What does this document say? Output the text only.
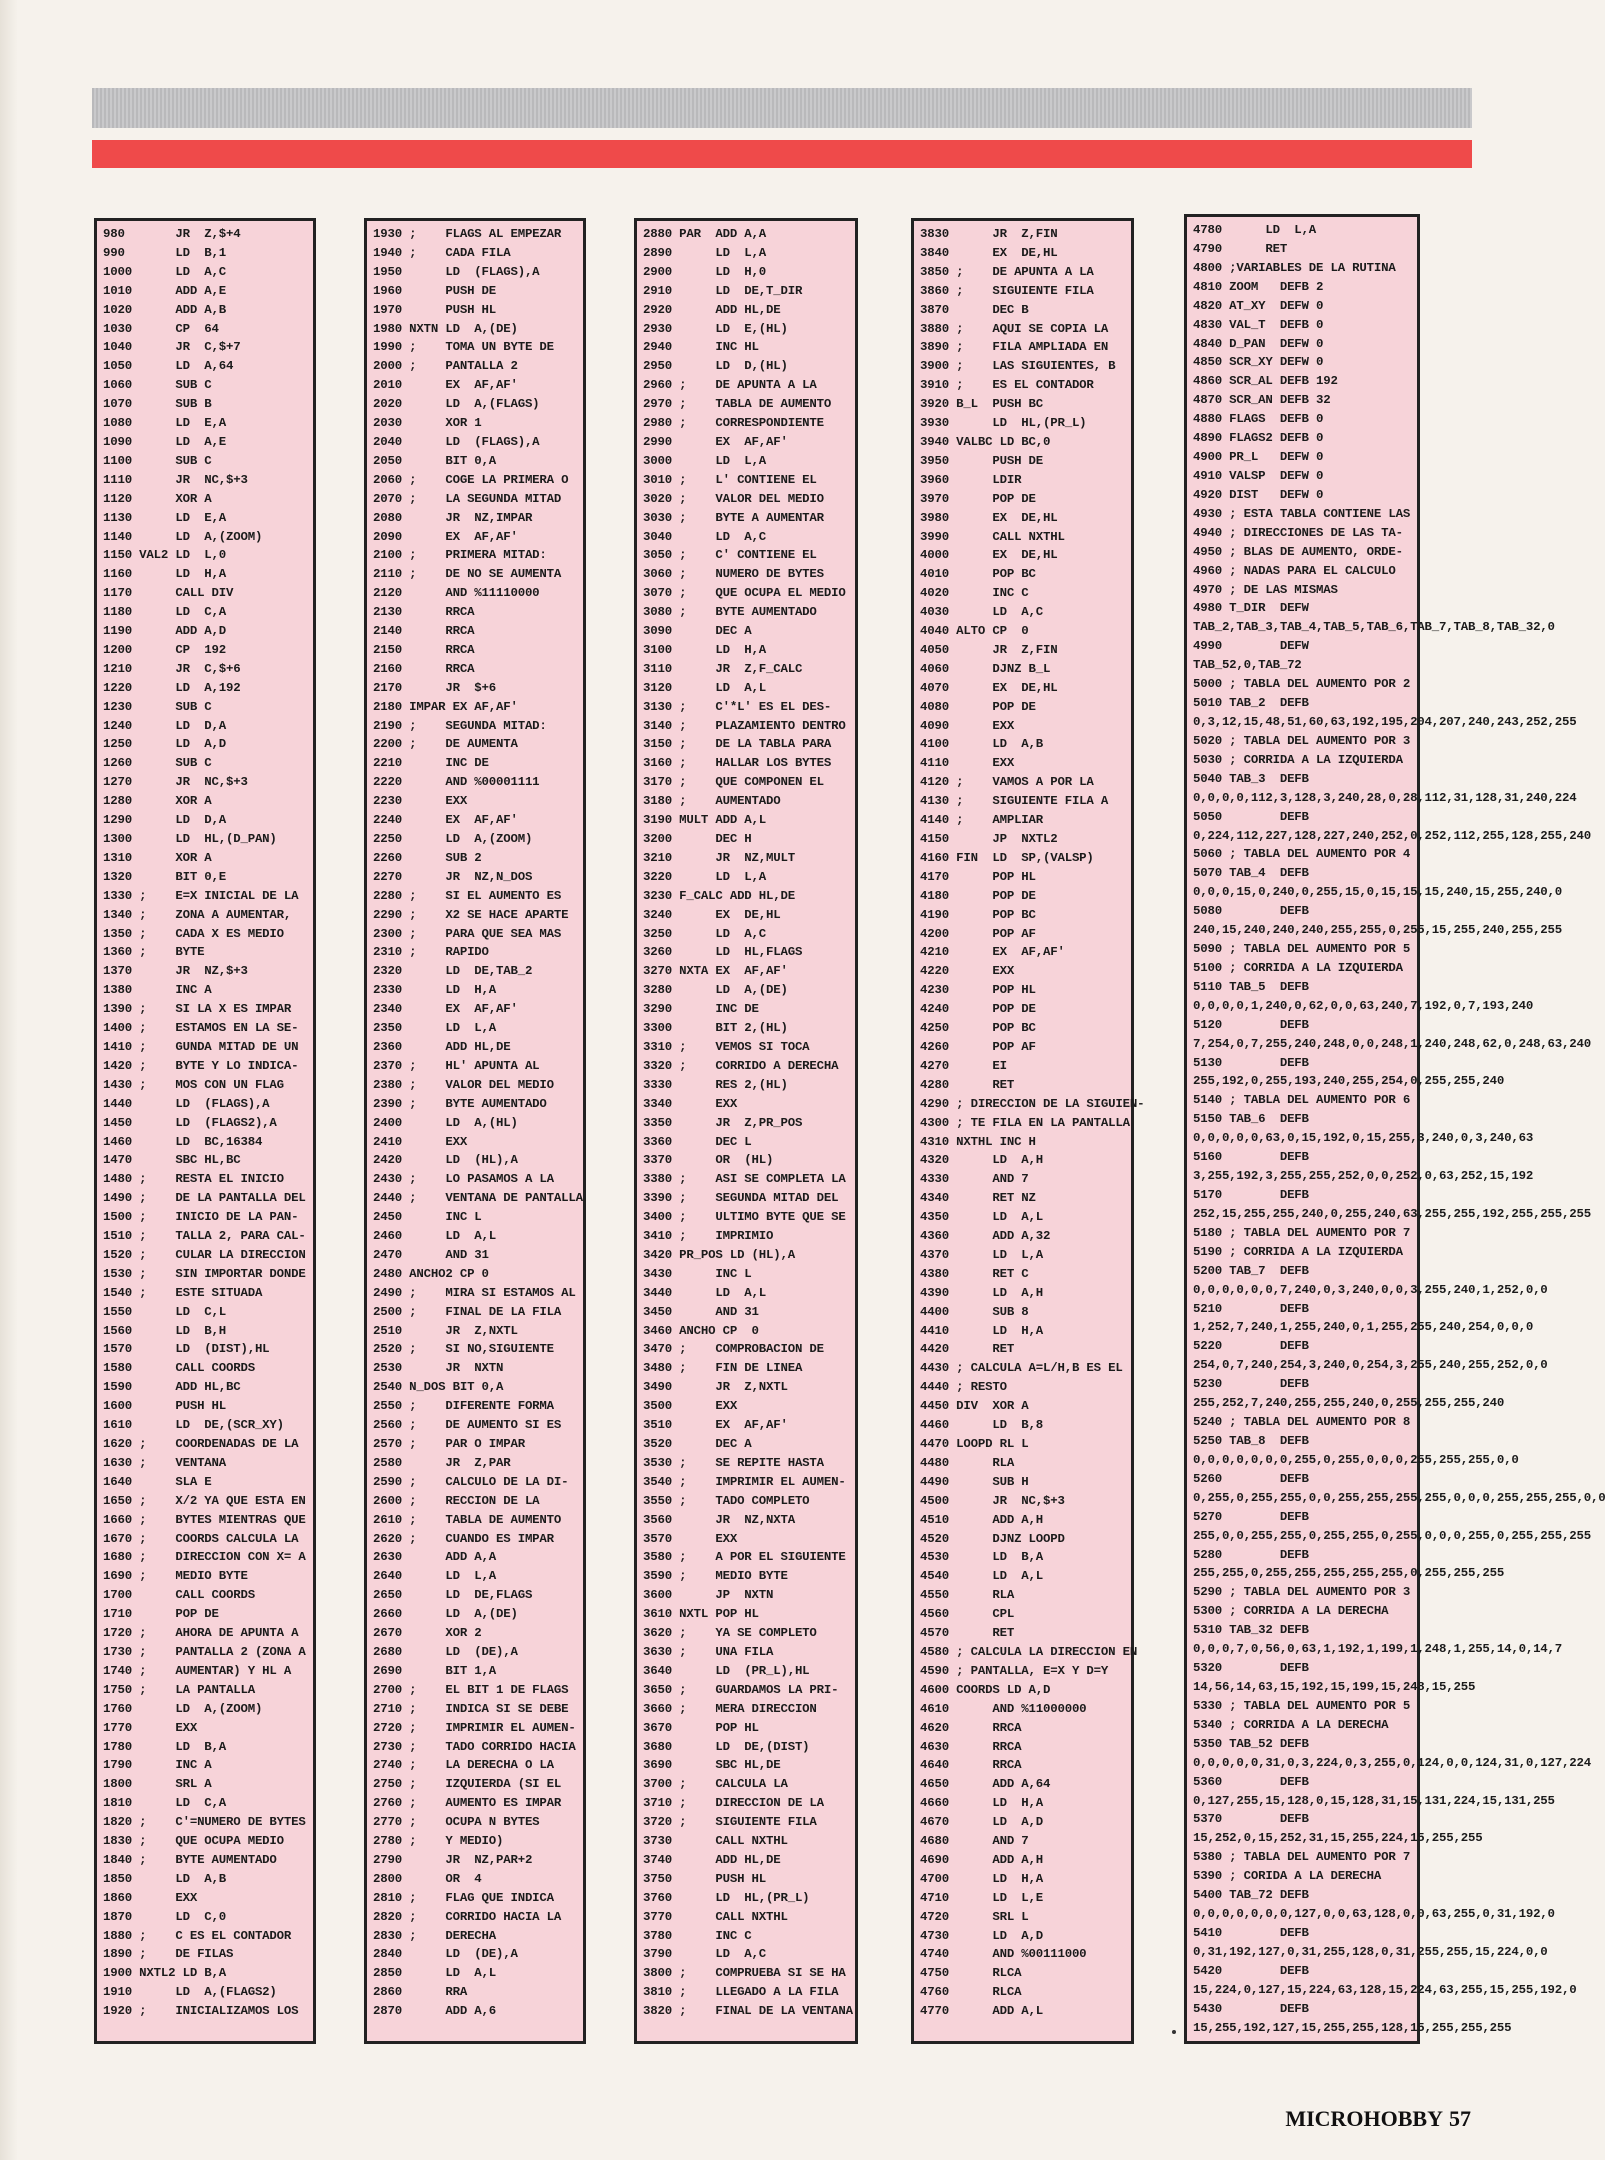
980       JR  Z,$+4
990       LD  B,1
1000      LD  A,C
1010      ADD A,E
1020      ADD A,B
1030      CP  64
1040      JR  C,$+7
1050      LD  A,64
1060      SUB C
1070      SUB B
1080      LD  E,A
1090      LD  A,E
1100      SUB C
1110      JR  NC,$+3
1120      XOR A
1130      LD  E,A
1140      LD  A,(ZOOM)
1150 VAL2 LD  L,0
1160      LD  H,A
1170      CALL DIV
1180      LD  C,A
1190      ADD A,D
1200      CP  192
1210      JR  C,$+6
1220      LD  A,192
1230      SUB C
1240      LD  D,A
1250      LD  A,D
1260      SUB C
1270      JR  NC,$+3
1280      XOR A
1290      LD  D,A
1300      LD  HL,(D_PAN)
1310      XOR A
1320      BIT 0,E
1330 ;    E=X INICIAL DE LA
1340 ;    ZONA A AUMENTAR,
1350 ;    CADA X ES MEDIO
1360 ;    BYTE
1370      JR  NZ,$+3
1380      INC A
1390 ;    SI LA X ES IMPAR
1400 ;    ESTAMOS EN LA SE-
1410 ;    GUNDA MITAD DE UN
1420 ;    BYTE Y LO INDICA-
1430 ;    MOS CON UN FLAG
1440      LD  (FLAGS),A
1450      LD  (FLAGS2),A
1460      LD  BC,16384
1470      SBC HL,BC
1480 ;    RESTA EL INICIO
1490 ;    DE LA PANTALLA DEL
1500 ;    INICIO DE LA PAN-
1510 ;    TALLA 2, PARA CAL-
1520 ;    CULAR LA DIRECCION
1530 ;    SIN IMPORTAR DONDE
1540 ;    ESTE SITUADA
1550      LD  C,L
1560      LD  B,H
1570      LD  (DIST),HL
1580      CALL COORDS
1590      ADD HL,BC
1600      PUSH HL
1610      LD  DE,(SCR_XY)
1620 ;    COORDENADAS DE LA
1630 ;    VENTANA
1640      SLA E
1650 ;    X/2 YA QUE ESTA EN
1660 ;    BYTES MIENTRAS QUE
1670 ;    COORDS CALCULA LA
1680 ;    DIRECCION CON X= A
1690 ;    MEDIO BYTE
1700      CALL COORDS
1710      POP DE
1720 ;    AHORA DE APUNTA A
1730 ;    PANTALLA 2 (ZONA A
1740 ;    AUMENTAR) Y HL A
1750 ;    LA PANTALLA
1760      LD  A,(ZOOM)
1770      EXX
1780      LD  B,A
1790      INC A
1800      SRL A
1810      LD  C,A
1820 ;    C'=NUMERO DE BYTES
1830 ;    QUE OCUPA MEDIO
1840 ;    BYTE AUMENTADO
1850      LD  A,B
1860      EXX
1870      LD  C,0
1880 ;    C ES EL CONTADOR
1890 ;    DE FILAS
1900 NXTL2 LD B,A
1910      LD  A,(FLAGS2)
1920 ;    INICIALIZAMOS LOS
1930 ;    FLAGS AL EMPEZAR
1940 ;    CADA FILA
1950      LD  (FLAGS),A
1960      PUSH DE
1970      PUSH HL
1980 NXTN LD  A,(DE)
1990 ;    TOMA UN BYTE DE
2000 ;    PANTALLA 2
2010      EX  AF,AF'
2020      LD  A,(FLAGS)
2030      XOR 1
2040      LD  (FLAGS),A
2050      BIT 0,A
2060 ;    COGE LA PRIMERA O
2070 ;    LA SEGUNDA MITAD
2080      JR  NZ,IMPAR
2090      EX  AF,AF'
2100 ;    PRIMERA MITAD:
2110 ;    DE NO SE AUMENTA
2120      AND %11110000
2130      RRCA
2140      RRCA
2150      RRCA
2160      RRCA
2170      JR  $+6
2180 IMPAR EX AF,AF'
2190 ;    SEGUNDA MITAD:
2200 ;    DE AUMENTA
2210      INC DE
2220      AND %00001111
2230      EXX
2240      EX  AF,AF'
2250      LD  A,(ZOOM)
2260      SUB 2
2270      JR  NZ,N_DOS
2280 ;    SI EL AUMENTO ES
2290 ;    X2 SE HACE APARTE
2300 ;    PARA QUE SEA MAS
2310 ;    RAPIDO
2320      LD  DE,TAB_2
2330      LD  H,A
2340      EX  AF,AF'
2350      LD  L,A
2360      ADD HL,DE
2370 ;    HL' APUNTA AL
2380 ;    VALOR DEL MEDIO
2390 ;    BYTE AUMENTADO
2400      LD  A,(HL)
2410      EXX
2420      LD  (HL),A
2430 ;    LO PASAMOS A LA
2440 ;    VENTANA DE PANTALLA
2450      INC L
2460      LD  A,L
2470      AND 31
2480 ANCHO2 CP 0
2490 ;    MIRA SI ESTAMOS AL
2500 ;    FINAL DE LA FILA
2510      JR  Z,NXTL
2520 ;    SI NO,SIGUIENTE
2530      JR  NXTN
2540 N_DOS BIT 0,A
2550 ;    DIFERENTE FORMA
2560 ;    DE AUMENTO SI ES
2570 ;    PAR O IMPAR
2580      JR  Z,PAR
2590 ;    CALCULO DE LA DI-
2600 ;    RECCION DE LA
2610 ;    TABLA DE AUMENTO
2620 ;    CUANDO ES IMPAR
2630      ADD A,A
2640      LD  L,A
2650      LD  DE,FLAGS
2660      LD  A,(DE)
2670      XOR 2
2680      LD  (DE),A
2690      BIT 1,A
2700 ;    EL BIT 1 DE FLAGS
2710 ;    INDICA SI SE DEBE
2720 ;    IMPRIMIR EL AUMEN-
2730 ;    TADO CORRIDO HACIA
2740 ;    LA DERECHA O LA
2750 ;    IZQUIERDA (SI EL
2760 ;    AUMENTO ES IMPAR
2770 ;    OCUPA N BYTES
2780 ;    Y MEDIO)
2790      JR  NZ,PAR+2
2800      OR  4
2810 ;    FLAG QUE INDICA
2820 ;    CORRIDO HACIA LA
2830 ;    DERECHA
2840      LD  (DE),A
2850      LD  A,L
2860      RRA
2870      ADD A,6
2880 PAR  ADD A,A
2890      LD  L,A
2900      LD  H,0
2910      LD  DE,T_DIR
2920      ADD HL,DE
2930      LD  E,(HL)
2940      INC HL
2950      LD  D,(HL)
2960 ;    DE APUNTA A LA
2970 ;    TABLA DE AUMENTO
2980 ;    CORRESPONDIENTE
2990      EX  AF,AF'
3000      LD  L,A
3010 ;    L' CONTIENE EL
3020 ;    VALOR DEL MEDIO
3030 ;    BYTE A AUMENTAR
3040      LD  A,C
3050 ;    C' CONTIENE EL
3060 ;    NUMERO DE BYTES
3070 ;    QUE OCUPA EL MEDIO
3080 ;    BYTE AUMENTADO
3090      DEC A
3100      LD  H,A
3110      JR  Z,F_CALC
3120      LD  A,L
3130 ;    C'*L' ES EL DES-
3140 ;    PLAZAMIENTO DENTRO
3150 ;    DE LA TABLA PARA
3160 ;    HALLAR LOS BYTES
3170 ;    QUE COMPONEN EL
3180 ;    AUMENTADO
3190 MULT ADD A,L
3200      DEC H
3210      JR  NZ,MULT
3220      LD  L,A
3230 F_CALC ADD HL,DE
3240      EX  DE,HL
3250      LD  A,C
3260      LD  HL,FLAGS
3270 NXTA EX  AF,AF'
3280      LD  A,(DE)
3290      INC DE
3300      BIT 2,(HL)
3310 ;    VEMOS SI TOCA
3320 ;    CORRIDO A DERECHA
3330      RES 2,(HL)
3340      EXX
3350      JR  Z,PR_POS
3360      DEC L
3370      OR  (HL)
3380 ;    ASI SE COMPLETA LA
3390 ;    SEGUNDA MITAD DEL
3400 ;    ULTIMO BYTE QUE SE
3410 ;    IMPRIMIO
3420 PR_POS LD (HL),A
3430      INC L
3440      LD  A,L
3450      AND 31
3460 ANCHO CP  0
3470 ;    COMPROBACION DE
3480 ;    FIN DE LINEA
3490      JR  Z,NXTL
3500      EXX
3510      EX  AF,AF'
3520      DEC A
3530 ;    SE REPITE HASTA
3540 ;    IMPRIMIR EL AUMEN-
3550 ;    TADO COMPLETO
3560      JR  NZ,NXTA
3570      EXX
3580 ;    A POR EL SIGUIENTE
3590 ;    MEDIO BYTE
3600      JP  NXTN
3610 NXTL POP HL
3620 ;    YA SE COMPLETO
3630 ;    UNA FILA
3640      LD  (PR_L),HL
3650 ;    GUARDAMOS LA PRI-
3660 ;    MERA DIRECCION
3670      POP HL
3680      LD  DE,(DIST)
3690      SBC HL,DE
3700 ;    CALCULA LA
3710 ;    DIRECCION DE LA
3720 ;    SIGUIENTE FILA
3730      CALL NXTHL
3740      ADD HL,DE
3750      PUSH HL
3760      LD  HL,(PR_L)
3770      CALL NXTHL
3780      INC C
3790      LD  A,C
3800 ;    COMPRUEBA SI SE HA
3810 ;    LLEGADO A LA FILA
3820 ;    FINAL DE LA VENTANA
3830      JR  Z,FIN
3840      EX  DE,HL
3850 ;    DE APUNTA A LA
3860 ;    SIGUIENTE FILA
3870      DEC B
3880 ;    AQUI SE COPIA LA
3890 ;    FILA AMPLIADA EN
3900 ;    LAS SIGUIENTES, B
3910 ;    ES EL CONTADOR
3920 B_L  PUSH BC
3930      LD  HL,(PR_L)
3940 VALBC LD BC,0
3950      PUSH DE
3960      LDIR
3970      POP DE
3980      EX  DE,HL
3990      CALL NXTHL
4000      EX  DE,HL
4010      POP BC
4020      INC C
4030      LD  A,C
4040 ALTO CP  0
4050      JR  Z,FIN
4060      DJNZ B_L
4070      EX  DE,HL
4080      POP DE
4090      EXX
4100      LD  A,B
4110      EXX
4120 ;    VAMOS A POR LA
4130 ;    SIGUIENTE FILA A
4140 ;    AMPLIAR
4150      JP  NXTL2
4160 FIN  LD  SP,(VALSP)
4170      POP HL
4180      POP DE
4190      POP BC
4200      POP AF
4210      EX  AF,AF'
4220      EXX
4230      POP HL
4240      POP DE
4250      POP BC
4260      POP AF
4270      EI
4280      RET
4290 ; DIRECCION DE LA SIGUIEN-
4300 ; TE FILA EN LA PANTALLA
4310 NXTHL INC H
4320      LD  A,H
4330      AND 7
4340      RET NZ
4350      LD  A,L
4360      ADD A,32
4370      LD  L,A
4380      RET C
4390      LD  A,H
4400      SUB 8
4410      LD  H,A
4420      RET
4430 ; CALCULA A=L/H,B ES EL
4440 ; RESTO
4450 DIV  XOR A
4460      LD  B,8
4470 LOOPD RL L
4480      RLA
4490      SUB H
4500      JR  NC,$+3
4510      ADD A,H
4520      DJNZ LOOPD
4530      LD  B,A
4540      LD  A,L
4550      RLA
4560      CPL
4570      RET
4580 ; CALCULA LA DIRECCION EN
4590 ; PANTALLA, E=X Y D=Y
4600 COORDS LD A,D
4610      AND %11000000
4620      RRCA
4630      RRCA
4640      RRCA
4650      ADD A,64
4660      LD  H,A
4670      LD  A,D
4680      AND 7
4690      ADD A,H
4700      LD  H,A
4710      LD  L,E
4720      SRL L
4730      LD  A,D
4740      AND %00111000
4750      RLCA
4760      RLCA
4770      ADD A,L
4780      LD  L,A
4790      RET
4800 ;VARIABLES DE LA RUTINA
4810 ZOOM   DEFB 2
4820 AT_XY  DEFW 0
4830 VAL_T  DEFB 0
4840 D_PAN  DEFW 0
4850 SCR_XY DEFW 0
4860 SCR_AL DEFB 192
4870 SCR_AN DEFB 32
4880 FLAGS  DEFB 0
4890 FLAGS2 DEFB 0
4900 PR_L   DEFW 0
4910 VALSP  DEFW 0
4920 DIST   DEFW 0
4930 ; ESTA TABLA CONTIENE LAS
4940 ; DIRECCIONES DE LAS TA-
4950 ; BLAS DE AUMENTO, ORDE-
4960 ; NADAS PARA EL CALCULO
4970 ; DE LAS MISMAS
4980 T_DIR  DEFW TAB_2,TAB_3,TAB_4,TAB_5,TAB_6,TAB_7,TAB_8,TAB_32,0
4990        DEFW TAB_52,0,TAB_72
5000 ; TABLA DEL AUMENTO POR 2
5010 TAB_2  DEFB 0,3,12,15,48,51,60,63,192,195,204,207,240,243,252,255
5020 ; TABLA DEL AUMENTO POR 3
5030 ; CORRIDA A LA IZQUIERDA
5040 TAB_3  DEFB 0,0,0,0,112,3,128,3,240,28,0,28,112,31,128,31,240,224
5050        DEFB 0,224,112,227,128,227,240,252,0,252,112,255,128,255,240
5060 ; TABLA DEL AUMENTO POR 4
5070 TAB_4  DEFB 0,0,0,15,0,240,0,255,15,0,15,15,15,240,15,255,240,0
5080        DEFB 240,15,240,240,240,255,255,0,255,15,255,240,255,255
5090 ; TABLA DEL AUMENTO POR 5
5100 ; CORRIDA A LA IZQUIERDA
5110 TAB_5  DEFB 0,0,0,0,1,240,0,62,0,0,63,240,7,192,0,7,193,240
5120        DEFB 7,254,0,7,255,240,248,0,0,248,1,240,248,62,0,248,63,240
5130        DEFB 255,192,0,255,193,240,255,254,0,255,255,240
5140 ; TABLA DEL AUMENTO POR 6
5150 TAB_6  DEFB 0,0,0,0,0,63,0,15,192,0,15,255,3,240,0,3,240,63
5160        DEFB 3,255,192,3,255,255,252,0,0,252,0,63,252,15,192
5170        DEFB 252,15,255,255,240,0,255,240,63,255,255,192,255,255,255
5180 ; TABLA DEL AUMENTO POR 7
5190 ; CORRIDA A LA IZQUIERDA
5200 TAB_7  DEFB 0,0,0,0,0,0,7,240,0,3,240,0,0,3,255,240,1,252,0,0
5210        DEFB 1,252,7,240,1,255,240,0,1,255,255,240,254,0,0,0
5220        DEFB 254,0,7,240,254,3,240,0,254,3,255,240,255,252,0,0
5230        DEFB 255,252,7,240,255,255,240,0,255,255,255,240
5240 ; TABLA DEL AUMENTO POR 8
5250 TAB_8  DEFB 0,0,0,0,0,0,0,255,0,255,0,0,0,255,255,255,0,0
5260        DEFB 0,255,0,255,255,0,0,255,255,255,255,0,0,0,255,255,255,0,0
5270        DEFB 255,0,0,255,255,0,255,255,0,255,0,0,0,255,0,255,255,255
5280        DEFB 255,255,0,255,255,255,255,255,0,255,255,255
5290 ; TABLA DEL AUMENTO POR 3
5300 ; CORRIDA A LA DERECHA
5310 TAB_32 DEFB 0,0,0,7,0,56,0,63,1,192,1,199,1,248,1,255,14,0,14,7
5320        DEFB 14,56,14,63,15,192,15,199,15,248,15,255
5330 ; TABLA DEL AUMENTO POR 5
5340 ; CORRIDA A LA DERECHA
5350 TAB_52 DEFB 0,0,0,0,0,31,0,3,224,0,3,255,0,124,0,0,124,31,0,127,224
5360        DEFB 0,127,255,15,128,0,15,128,31,15,131,224,15,131,255
5370        DEFB 15,252,0,15,252,31,15,255,224,15,255,255
5380 ; TABLA DEL AUMENTO POR 7
5390 ; CORIDA A LA DERECHA
5400 TAB_72 DEFB 0,0,0,0,0,0,0,127,0,0,63,128,0,0,63,255,0,31,192,0
5410        DEFB 0,31,192,127,0,31,255,128,0,31,255,255,15,224,0,0
5420        DEFB 15,224,0,127,15,224,63,128,15,224,63,255,15,255,192,0
5430        DEFB 15,255,192,127,15,255,255,128,15,255,255,255
MICROHOBBY 57
